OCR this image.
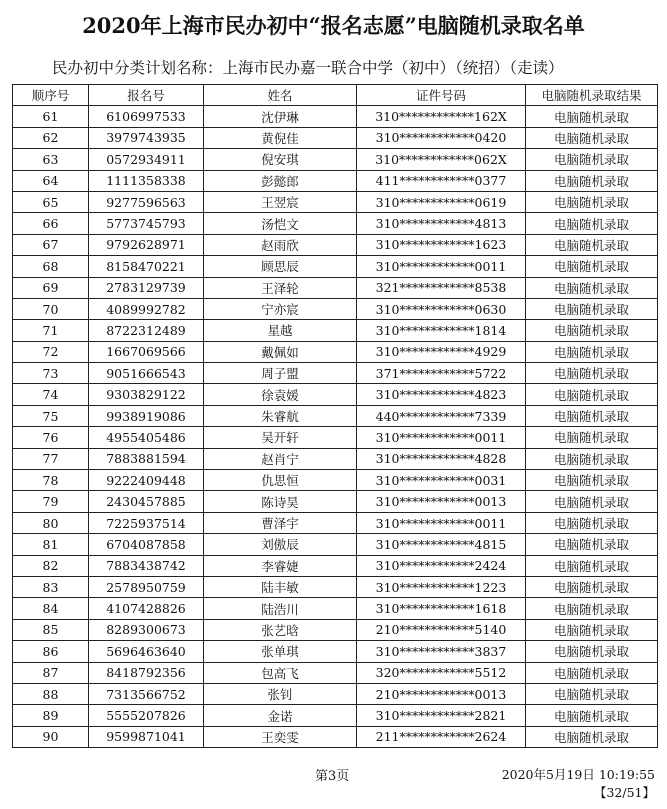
2020年上海市民办初中“报名志愿”电脑随机录取名单
民办初中分类计划名称：上海市民办嘉一联合中学（初中）（统招）（走读）
顺序号	报名号	姓名	证件号码	电脑随机录取结果
61	6106997533	沈伊琳	310************162X	电脑随机录取
62	3979743935	黄倪佳	310************0420	电脑随机录取
63	0572934911	倪安琪	310************062X	电脑随机录取
64	1111358338	彭懿郎	411************0377	电脑随机录取
65	9277596563	王翌宸	310************0619	电脑随机录取
66	5773745793	汤恺文	310************4813	电脑随机录取
67	9792628971	赵雨欣	310************1623	电脑随机录取
68	8158470221	顾思辰	310************0011	电脑随机录取
69	2783129739	王泽轮	321************8538	电脑随机录取
70	4089992782	宁亦宸	310************0630	电脑随机录取
71	8722312489	星越	310************1814	电脑随机录取
72	1667069566	戴佩如	310************4929	电脑随机录取
73	9051666543	周子盟	371************5722	电脑随机录取
74	9303829122	徐袁媛	310************4823	电脑随机录取
75	9938919086	朱睿航	440************7339	电脑随机录取
76	4955405486	吴开轩	310************0011	电脑随机录取
77	7883881594	赵肖宁	310************4828	电脑随机录取
78	9222409448	仇思恒	310************0031	电脑随机录取
79	2430457885	陈诗昊	310************0013	电脑随机录取
80	7225937514	曹泽宇	310************0011	电脑随机录取
81	6704087858	刘傲辰	310************4815	电脑随机录取
82	7883438742	李睿婕	310************2424	电脑随机录取
83	2578950759	陆丰敏	310************1223	电脑随机录取
84	4107428826	陆浩川	310************1618	电脑随机录取
85	8289300673	张艺晗	210************5140	电脑随机录取
86	5696463640	张单琪	310************3837	电脑随机录取
87	8418792356	包高飞	320************5512	电脑随机录取
88	7313566752	张钊	210************0013	电脑随机录取
89	5555207826	金诺	310************2821	电脑随机录取
90	9599871041	王奕雯	211************2624	电脑随机录取
第3页	2020年5月19日 10:19:55
【32/51】
